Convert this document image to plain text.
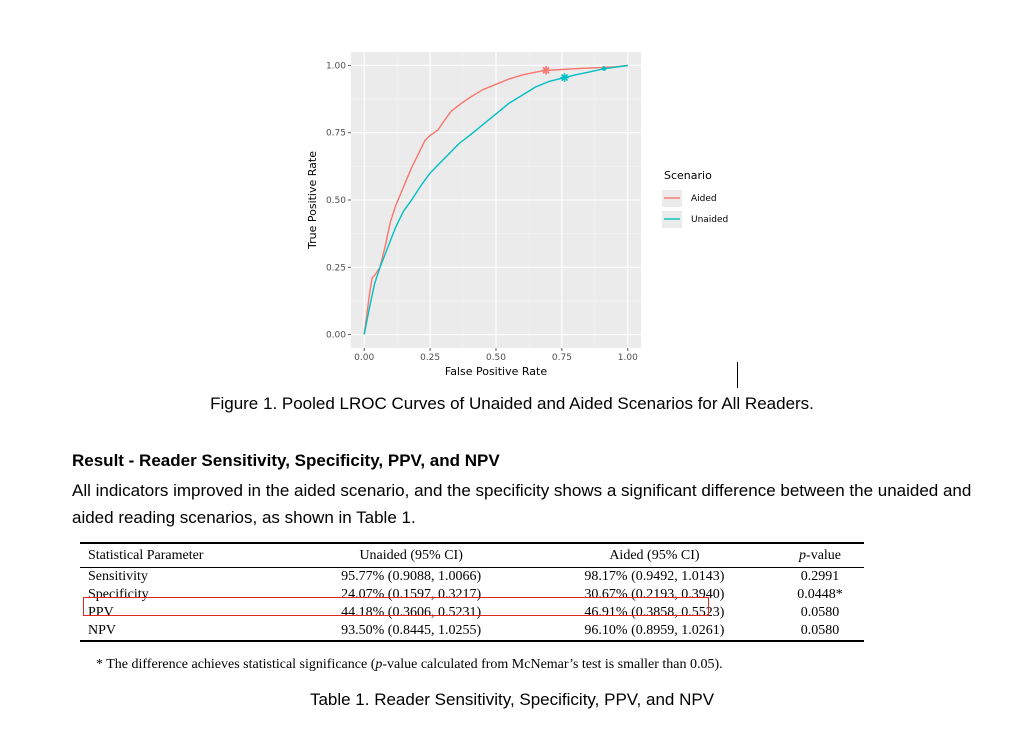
0.00	0.25	0.50	0.75	1.00
0.00
0.25
0.50
0.75
1.00
False Positive Rate
True Positive Rate	Scenario
Aided
Unaided
Figure 1. Pooled LROC Curves of Unaided and Aided Scenarios for All Readers.
Result - Reader Sensitivity, Specificity, PPV, and NPV
All indicators improved in the aided scenario, and the specificity shows a significant difference between the unaided and aided reading scenarios, as shown in Table 1.
Statistical Parameter	Unaided (95% CI)	Aided (95% CI)	p-value
Sensitivity	95.77% (0.9088, 1.0066)	98.17% (0.9492, 1.0143)	0.2991
Specificity	24.07% (0.1597, 0.3217)	30.67% (0.2193, 0.3940)	0.0448*
PPV	44.18% (0.3606, 0.5231)	46.91% (0.3858, 0.5523)	0.0580
NPV	93.50% (0.8445, 1.0255)	96.10% (0.8959, 1.0261)	0.0580
* The difference achieves statistical significance (p-value calculated from McNemar’s test is smaller than 0.05).
Table 1. Reader Sensitivity, Specificity, PPV, and NPV
